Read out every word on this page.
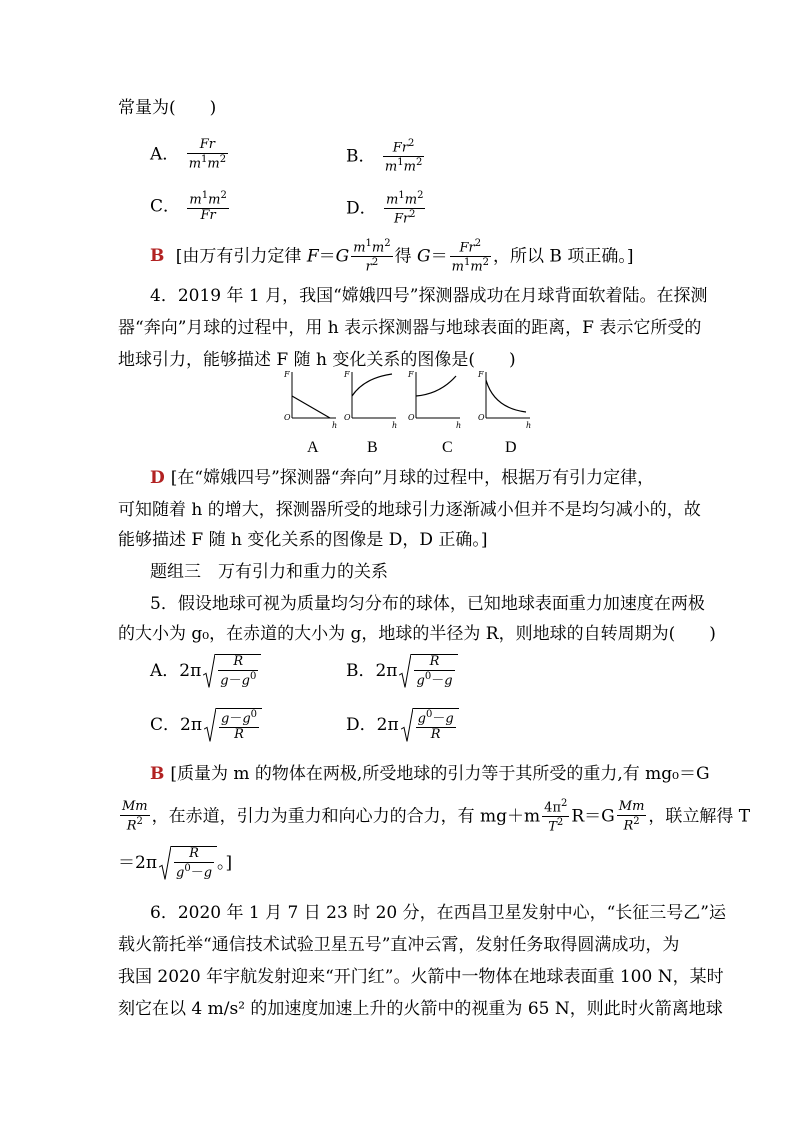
常量为(　　)
A． $\frac{Fr}{m^1m^2}$	B． $\frac{Fr^2}{m^1m^2}$
C． $\frac{m^1m^2}{Fr}$	D． $\frac{m^1m^2}{Fr^2}$
B [由万有引力定律 $F=G \frac{m^1m^2}{r^2}$ 得 $G= \frac{Fr^2}{m^1m^2}$ ，所以 B 项正确。]
4．2019 年 1 月，我国“嫦娥四号”探测器成功在月球背面软着陆。在探测
器“奔向”月球的过程中，用 h 表示探测器与地球表面的距离，F 表示它所受的
地球引力，能够描述 F 随 h 变化关系的图像是(　　)
F
O
h
F
O
h
F
O
h
F
O
h
A	B	C	D
D [在“嫦娥四号”探测器“奔向”月球的过程中，根据万有引力定律，
可知随着 h 的增大，探测器所受的地球引力逐渐减小但并不是均匀减小的，故
能够描述 F 随 h 变化关系的图像是 D，D 正确。]
题组三　万有引力和重力的关系
5．假设地球可视为质量均匀分布的球体，已知地球表面重力加速度在两极
的大小为 g₀，在赤道的大小为 g，地球的半径为 R，则地球的自转周期为(　　)
A．$2\pi \frac{R}{g-g^0}$	B．$2\pi \frac{R}{g^0-g}$
C．$2\pi \frac{g-g^0}{R}$	D．$2\pi \frac{g^0-g}{R}$
B [质量为 m 的物体在两极,所受地球的引力等于其所受的重力,有 mg₀＝G
$\frac{Mm}{R^2}$ ，在赤道，引力为重力和向心力的合力，有 $mg+m \frac{4\pi^2}{T^2} R=G \frac{Mm}{R^2}$ ，联立解得 T
$=2\pi \frac{R}{g^0-g}$ 。]
6．2020 年 1 月 7 日 23 时 20 分，在西昌卫星发射中心，“长征三号乙”运
载火箭托举“通信技术试验卫星五号”直冲云霄，发射任务取得圆满成功，为
我国 2020 年宇航发射迎来“开门红”。火箭中一物体在地球表面重 100 N，某时
刻它在以 4 m/s² 的加速度加速上升的火箭中的视重为 65 N，则此时火箭离地球
